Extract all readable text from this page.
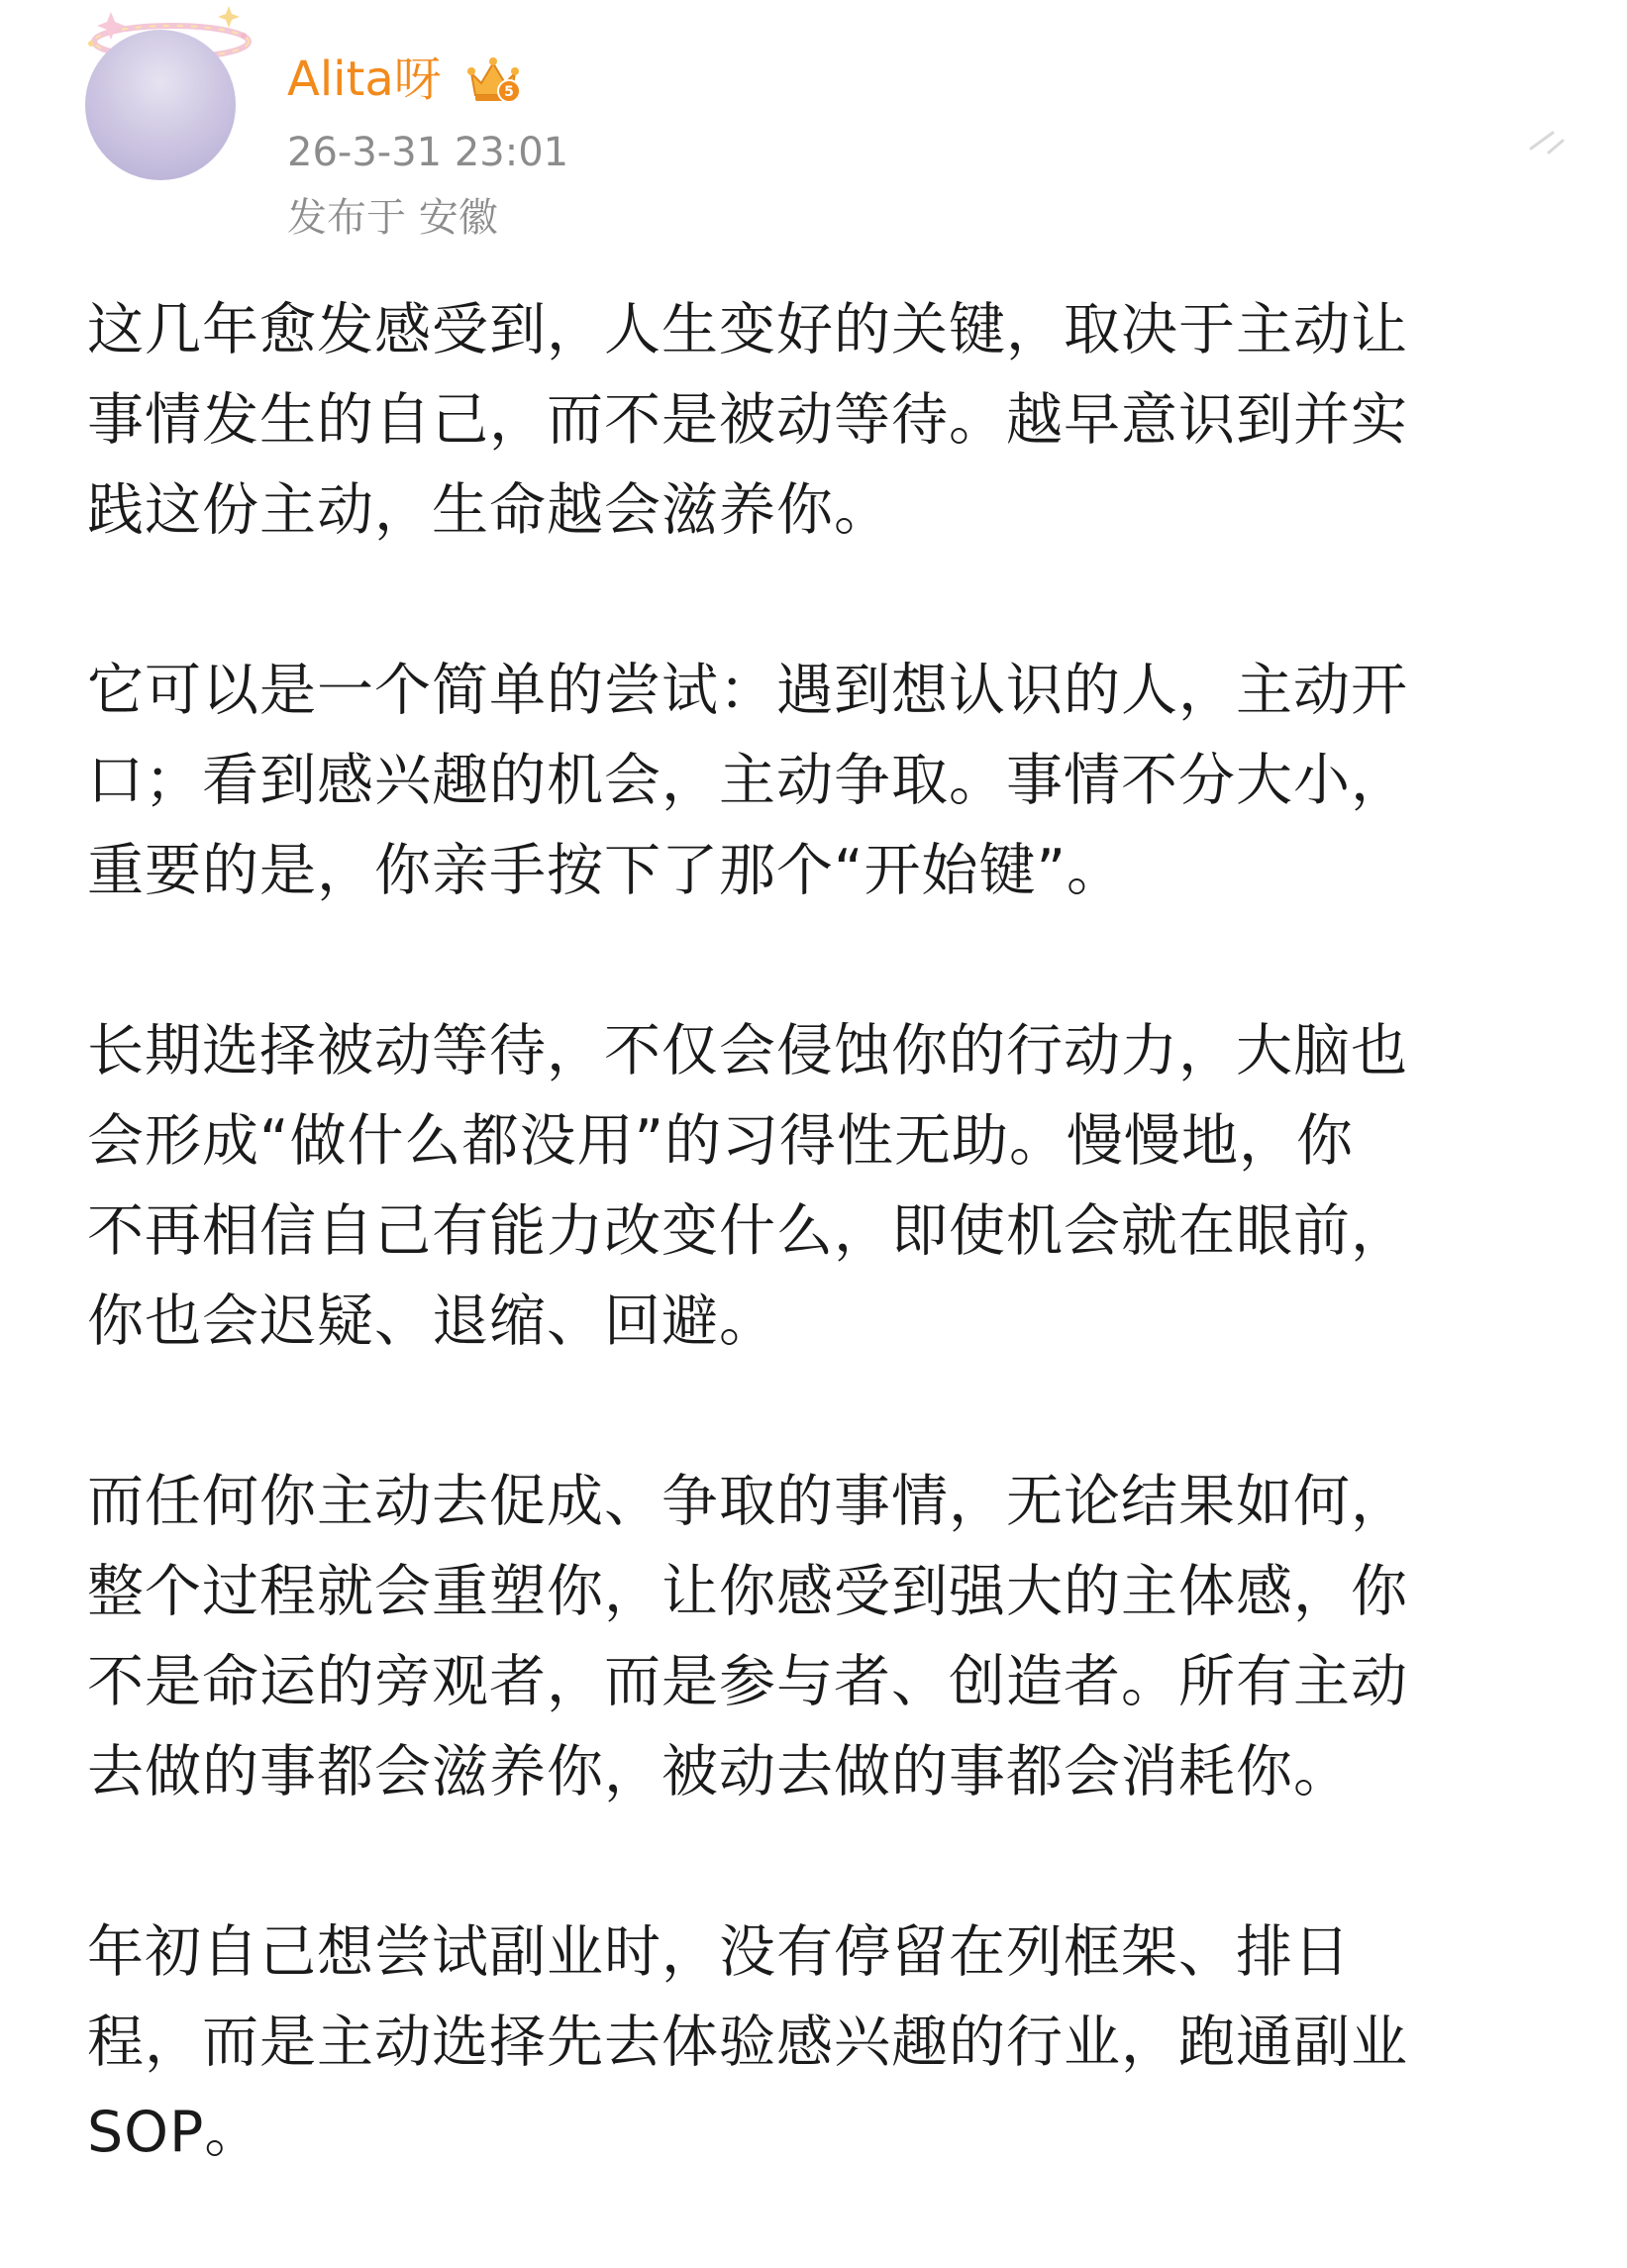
Alita呀	5
26-3-31 23:01
发布于 安徽

这几年愈发感受到，人生变好的关键，取决于主动让
事情发生的自己，而不是被动等待。越早意识到并实
践这份主动，生命越会滋养你。

它可以是一个简单的尝试：遇到想认识的人，主动开
口；看到感兴趣的机会，主动争取。事情不分大小，
重要的是，你亲手按下了那个“开始键”。

长期选择被动等待，不仅会侵蚀你的行动力，大脑也
会形成“做什么都没用”的习得性无助。慢慢地，你
不再相信自己有能力改变什么，即使机会就在眼前，
你也会迟疑、退缩、回避。

而任何你主动去促成、争取的事情，无论结果如何，
整个过程就会重塑你，让你感受到强大的主体感，你
不是命运的旁观者，而是参与者、创造者。所有主动
去做的事都会滋养你，被动去做的事都会消耗你。

年初自己想尝试副业时，没有停留在列框架、排日
程，而是主动选择先去体验感兴趣的行业，跑通副业
SOP。
